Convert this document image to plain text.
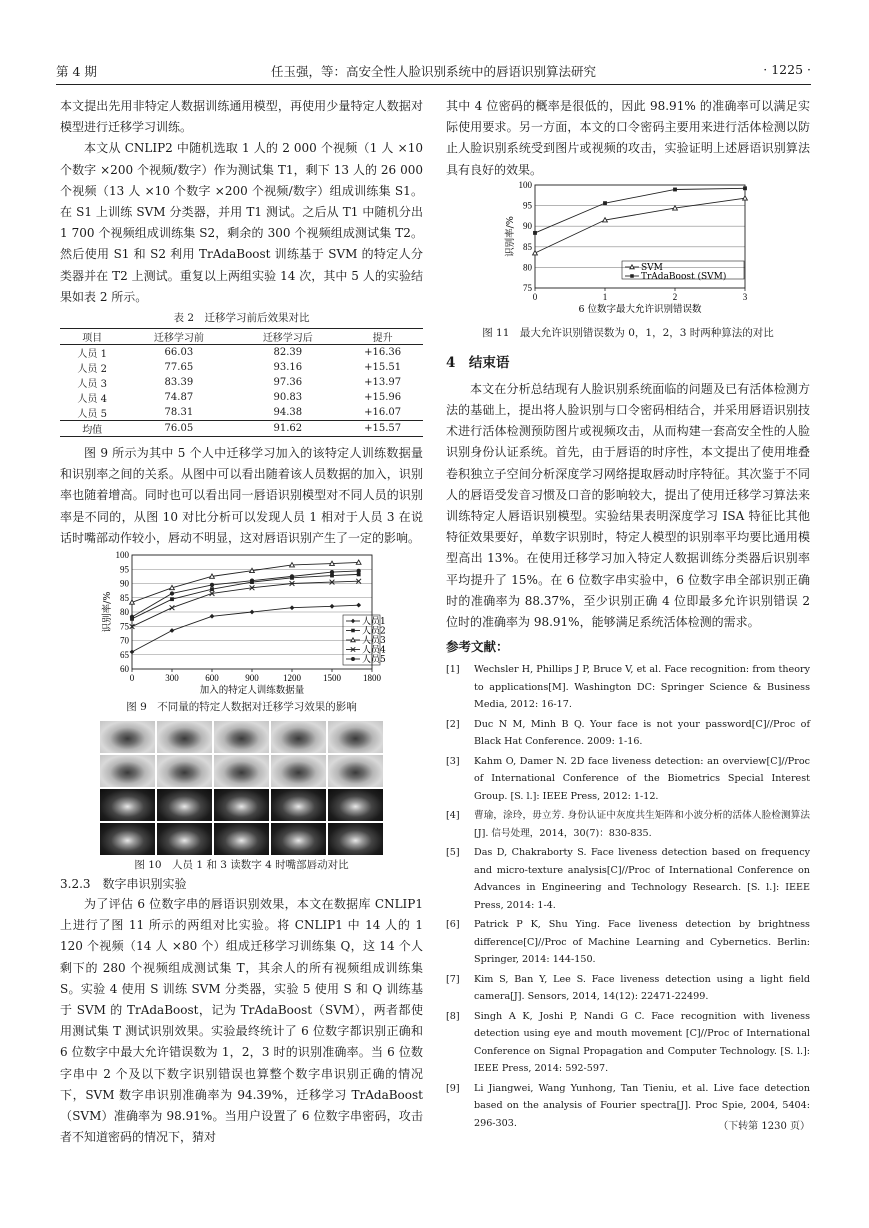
第 4 期	任玉强，等：高安全性人脸识别系统中的唇语识别算法研究	· 1225 ·

本文提出先用非特定人数据训练通用模型，再使用少量特定人数据对模型进行迁移学习训练。

本文从 CNLIP2 中随机选取 1 人的 2 000 个视频（1 人 ×10 个数字 ×200 个视频/数字）作为测试集 T1，剩下 13 人的 26 000个视频（13 人 ×10 个数字 ×200 个视频/数字）组成训练集 S1。在 S1 上训练 SVM 分类器，并用 T1 测试。之后从 T1 中随机分出 1 700 个视频组成训练集 S2，剩余的 300 个视频组成测试集 T2。然后使用 S1 和 S2 利用 TrAdaBoost 训练基于 SVM 的特定人分类器并在 T2 上测试。重复以上两组实验 14 次，其中 5 人的实验结果如表 2 所示。

表 2　迁移学习前后效果对比
项目	迁移学习前	迁移学习后	提升
人员 1	66.03	82.39	+16.36
人员 2	77.65	93.16	+15.51
人员 3	83.39	97.36	+13.97
人员 4	74.87	90.83	+15.96
人员 5	78.31	94.38	+16.07
均值	76.05	91.62	+15.57

图 9 所示为其中 5 个人中迁移学习加入的该特定人训练数据量和识别率之间的关系。从图中可以看出随着该人员数据的加入，识别率也随着增高。同时也可以看出同一唇语识别模型对不同人员的识别率是不同的，从图 10 对比分析可以发现人员 1 相对于人员 3 在说话时嘴部动作较小，唇动不明显，这对唇语识别产生了一定的影响。

60
65
70
75
80
85
90
95
100
0	300	600	900	1200 1500 1800
加入的特定人训练数据量
识别率/%	人员1
人员2
人员3
人员4
人员5
图 9　不同量的特定人数据对迁移学习效果的影响
图 10　人员 1 和 3 读数字 4 时嘴部唇动对比
3.2.3　数字串识别实验

为了评估 6 位数字串的唇语识别效果，本文在数据库 CNLIP1 上进行了图 11 所示的两组对比实验。将 CNLIP1 中 14 人的 1 120 个视频（14 人 ×80 个）组成迁移学习训练集 Q，这 14 个人剩下的 280 个视频组成测试集 T，其余人的所有视频组成训练集 S。实验 4 使用 S 训练 SVM 分类器，实验 5 使用 S 和 Q 训练基于 SVM 的 TrAdaBoost，记为 TrAdaBoost（SVM），两者都使用测试集 T 测试识别效果。实验最终统计了 6 位数字都识别正确和 6 位数字中最大允许错误数为 1，2，3 时的识别准确率。当 6 位数字串中 2 个及以下数字识别错误也算整个数字串识别正确的情况下，SVM 数字串识别准确率为 94.39%，迁移学习 TrAdaBoost（SVM）准确率为 98.91%。当用户设置了 6 位数字串密码，攻击者不知道密码的情况下，猜对

其中 4 位密码的概率是很低的，因此 98.91% 的准确率可以满足实际使用要求。另一方面，本文的口令密码主要用来进行活体检测以防止人脸识别系统受到图片或视频的攻击，实验证明上述唇语识别算法具有良好的效果。

75
80
85
90
95
100
0	1	2	3
6 位数字最大允许识别错误数
识别率/%
SVM
TrAdaBoost (SVM)
图 11　最大允许识别错误数为 0，1，2，3 时两种算法的对比
4　结束语

本文在分析总结现有人脸识别系统面临的问题及已有活体检测方法的基础上，提出将人脸识别与口令密码相结合，并采用唇语识别技术进行活体检测预防图片或视频攻击，从而构建一套高安全性的人脸识别身份认证系统。首先，由于唇语的时序性，本文提出了使用堆叠卷积独立子空间分析深度学习网络提取唇动时序特征。其次鉴于不同人的唇语受发音习惯及口音的影响较大，提出了使用迁移学习算法来训练特定人唇语识别模型。实验结果表明深度学习 ISA 特征比其他特征效果要好，单数字识别时，特定人模型的识别率平均要比通用模型高出 13%。在使用迁移学习加入特定人数据训练分类器后识别率平均提升了 15%。在 6 位数字串实验中，6 位数字串全部识别正确时的准确率为 88.37%，至少识别正确 4 位即最多允许识别错误 2 位时的准确率为 98.91%，能够满足系统活体检测的需求。

参考文献：
[1]	Wechsler H, Phillips J P, Bruce V, et al. Face recognition: from theory to applications[M]. Washington DC: Springer Science & Business Media, 2012: 16-17.
[2]	Duc N M, Minh B Q. Your face is not your password[C]//Proc of Black Hat Conference. 2009: 1-16.
[3]	Kahm O, Damer N. 2D face liveness detection: an overview[C]//Proc of International Conference of the Biometrics Special Interest Group. [S. l.]: IEEE Press, 2012: 1-12.
[4]	曹瑜，涂玲，毋立芳. 身份认证中灰度共生矩阵和小波分析的活体人脸检测算法[J]. 信号处理，2014，30(7)：830-835.
[5]	Das D, Chakraborty S. Face liveness detection based on frequency and micro-texture analysis[C]//Proc of International Conference on Advances in Engineering and Technology Research. [S. l.]: IEEE Press, 2014: 1-4.
[6]	Patrick P K, Shu Ying. Face liveness detection by brightness difference[C]//Proc of Machine Learning and Cybernetics. Berlin: Springer, 2014: 144-150.
[7]	Kim S, Ban Y, Lee S. Face liveness detection using a light field camera[J]. Sensors, 2014, 14(12): 22471-22499.
[8]	Singh A K, Joshi P, Nandi G C. Face recognition with liveness detection using eye and mouth movement [C]//Proc of International Conference on Signal Propagation and Computer Technology. [S. l.]: IEEE Press, 2014: 592-597.
[9]	Li Jiangwei, Wang Yunhong, Tan Tieniu, et al. Live face detection based on the analysis of Fourier spectra[J]. Proc Spie, 2004, 5404: 296-303.	（下转第 1230 页）
